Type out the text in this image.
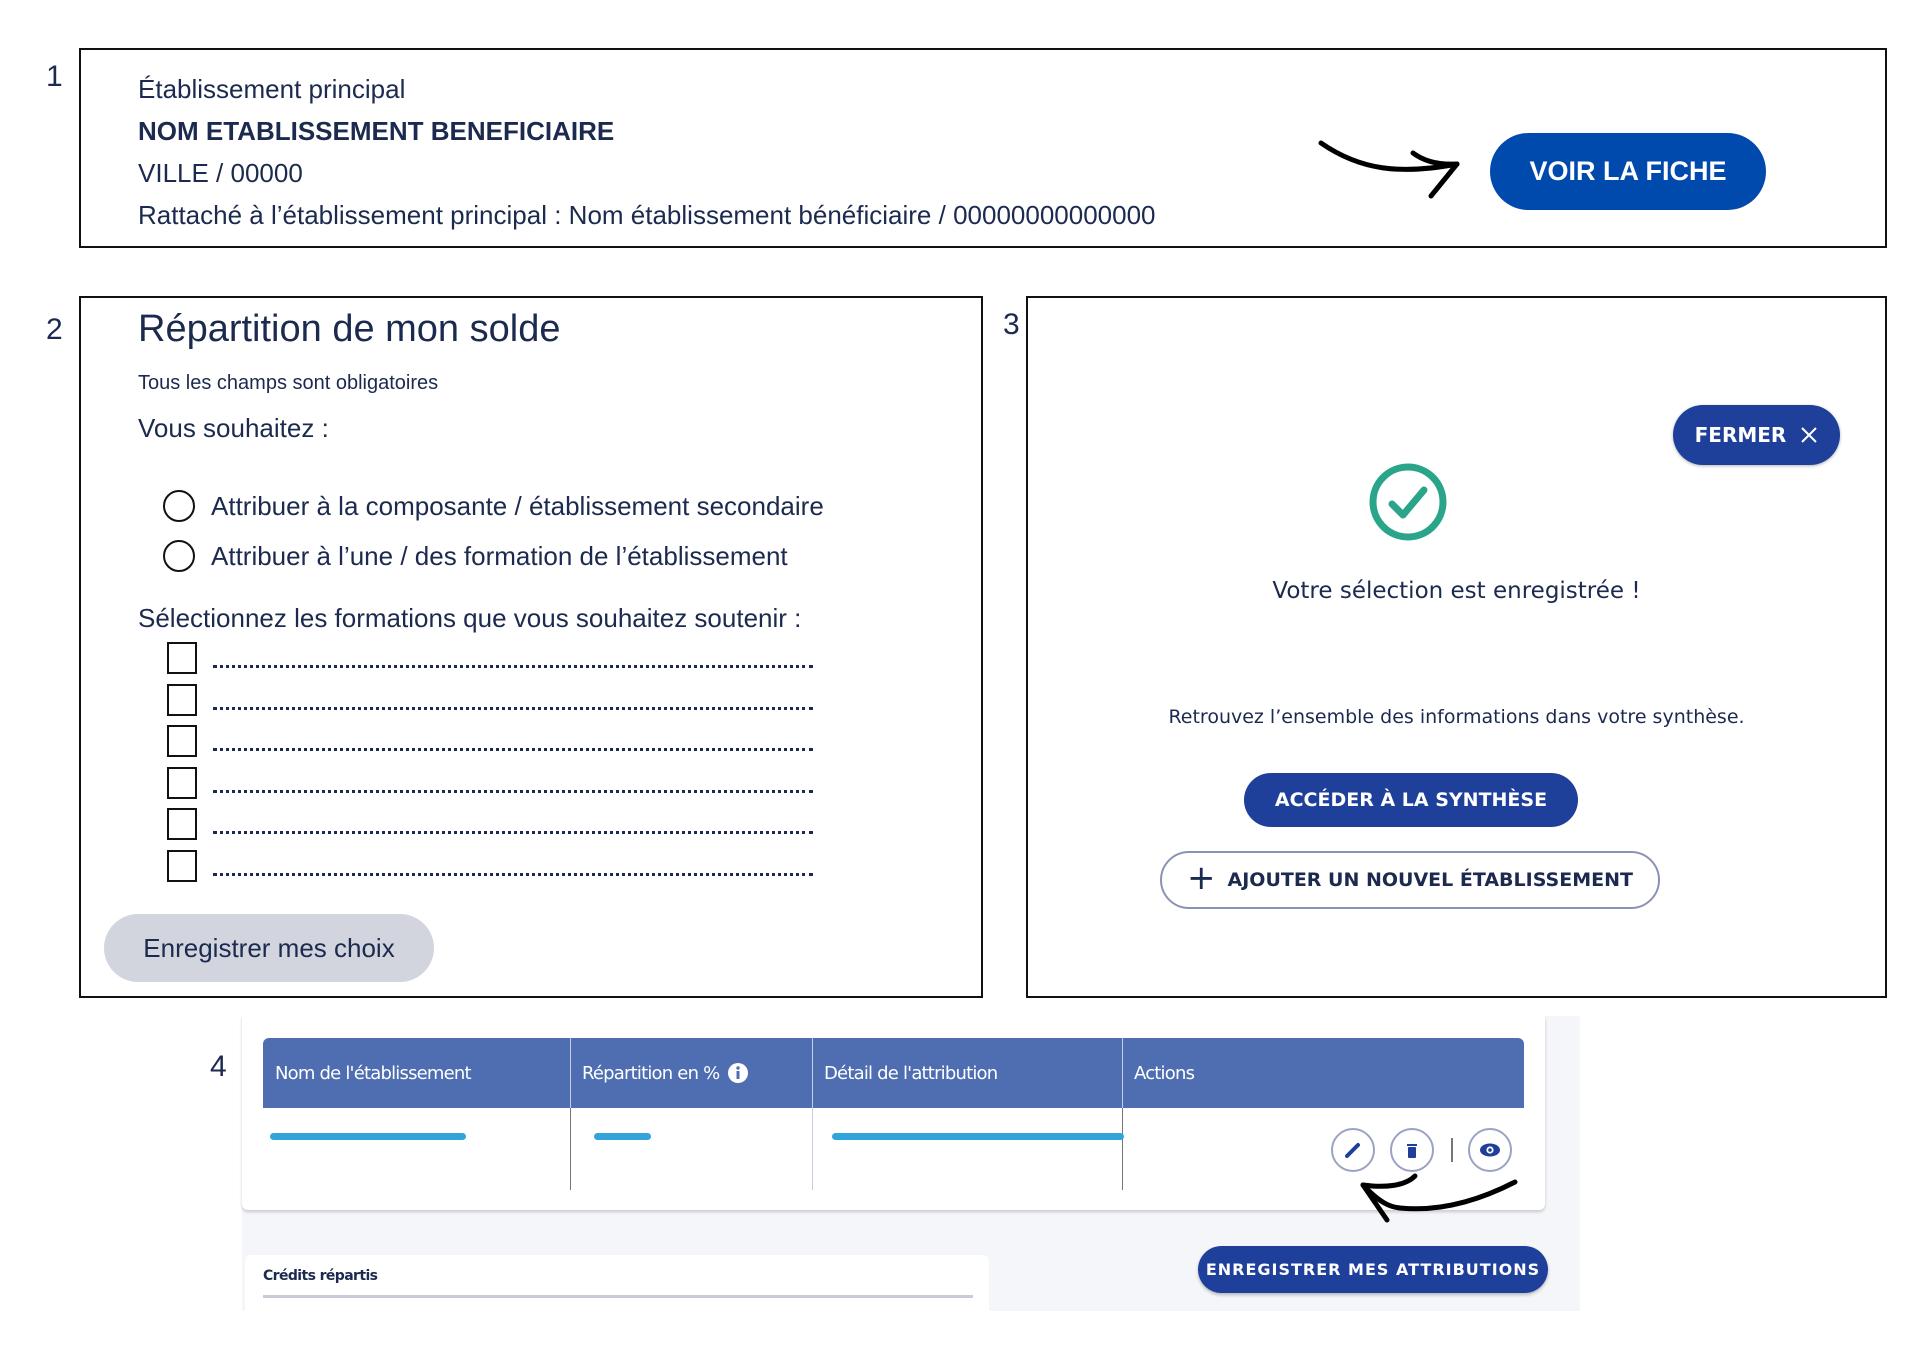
1
2	3
4
Établissement principal
NOM ETABLISSEMENT BENEFICIAIRE
VILLE / 00000
Rattaché à l’établissement principal : Nom établissement bénéficiaire / 00000000000000
VOIR LA FICHE
Répartition de mon solde
Tous les champs sont obligatoires
Vous souhaitez :
Attribuer à la composante / établissement secondaire
Attribuer à l’une / des formation de l’établissement
Sélectionnez les formations que vous souhaitez soutenir :
Enregistrer mes choix
FERMER
Votre sélection est enregistrée !
Retrouvez l’ensemble des informations dans votre synthèse.
ACCÉDER À LA SYNTHÈSE
+ AJOUTER UN NOUVEL ÉTABLISSEMENT
Nom de l'établissement	Répartition en %	Détail de l'attribution	Actions
Crédits répartis	ENREGISTRER MES ATTRIBUTIONS
